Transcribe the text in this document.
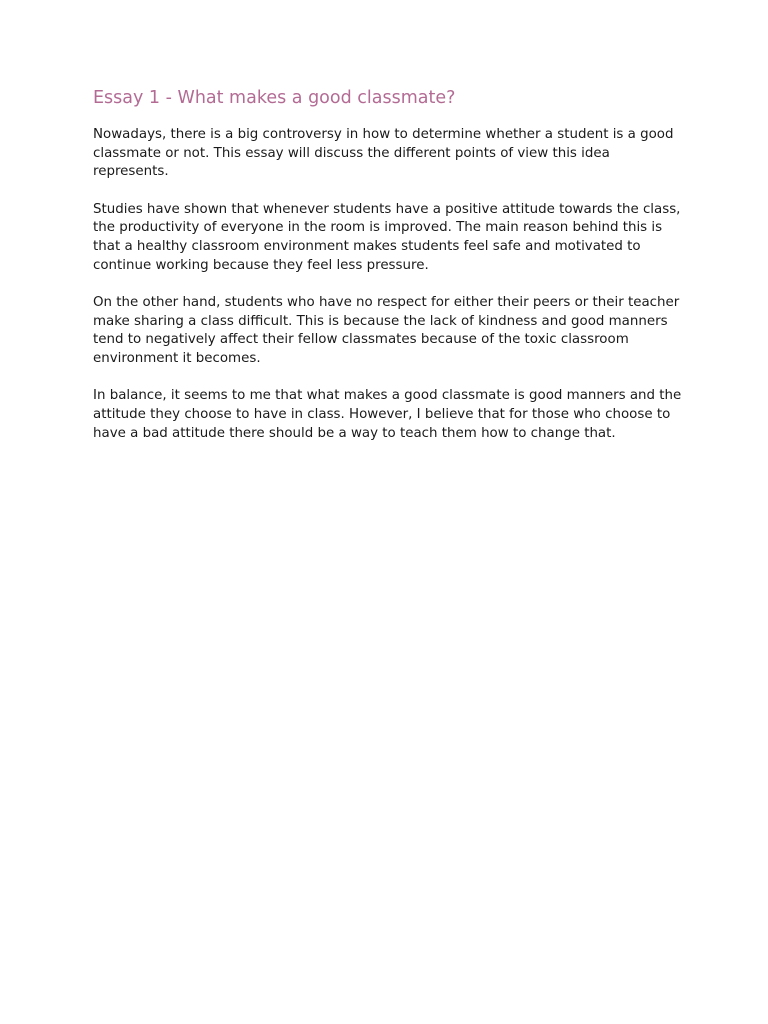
Essay 1 - What makes a good classmate?

Nowadays, there is a big controversy in how to determine whether a student is a good classmate or not. This essay will discuss the different points of view this idea represents.

Studies have shown that whenever students have a positive attitude towards the class, the productivity of everyone in the room is improved. The main reason behind this is that a healthy classroom environment makes students feel safe and motivated to continue working because they feel less pressure.

On the other hand, students who have no respect for either their peers or their teacher make sharing a class difficult. This is because the lack of kindness and good manners tend to negatively affect their fellow classmates because of the toxic classroom environment it becomes.

In balance, it seems to me that what makes a good classmate is good manners and the attitude they choose to have in class. However, I believe that for those who choose to have a bad attitude there should be a way to teach them how to change that.
